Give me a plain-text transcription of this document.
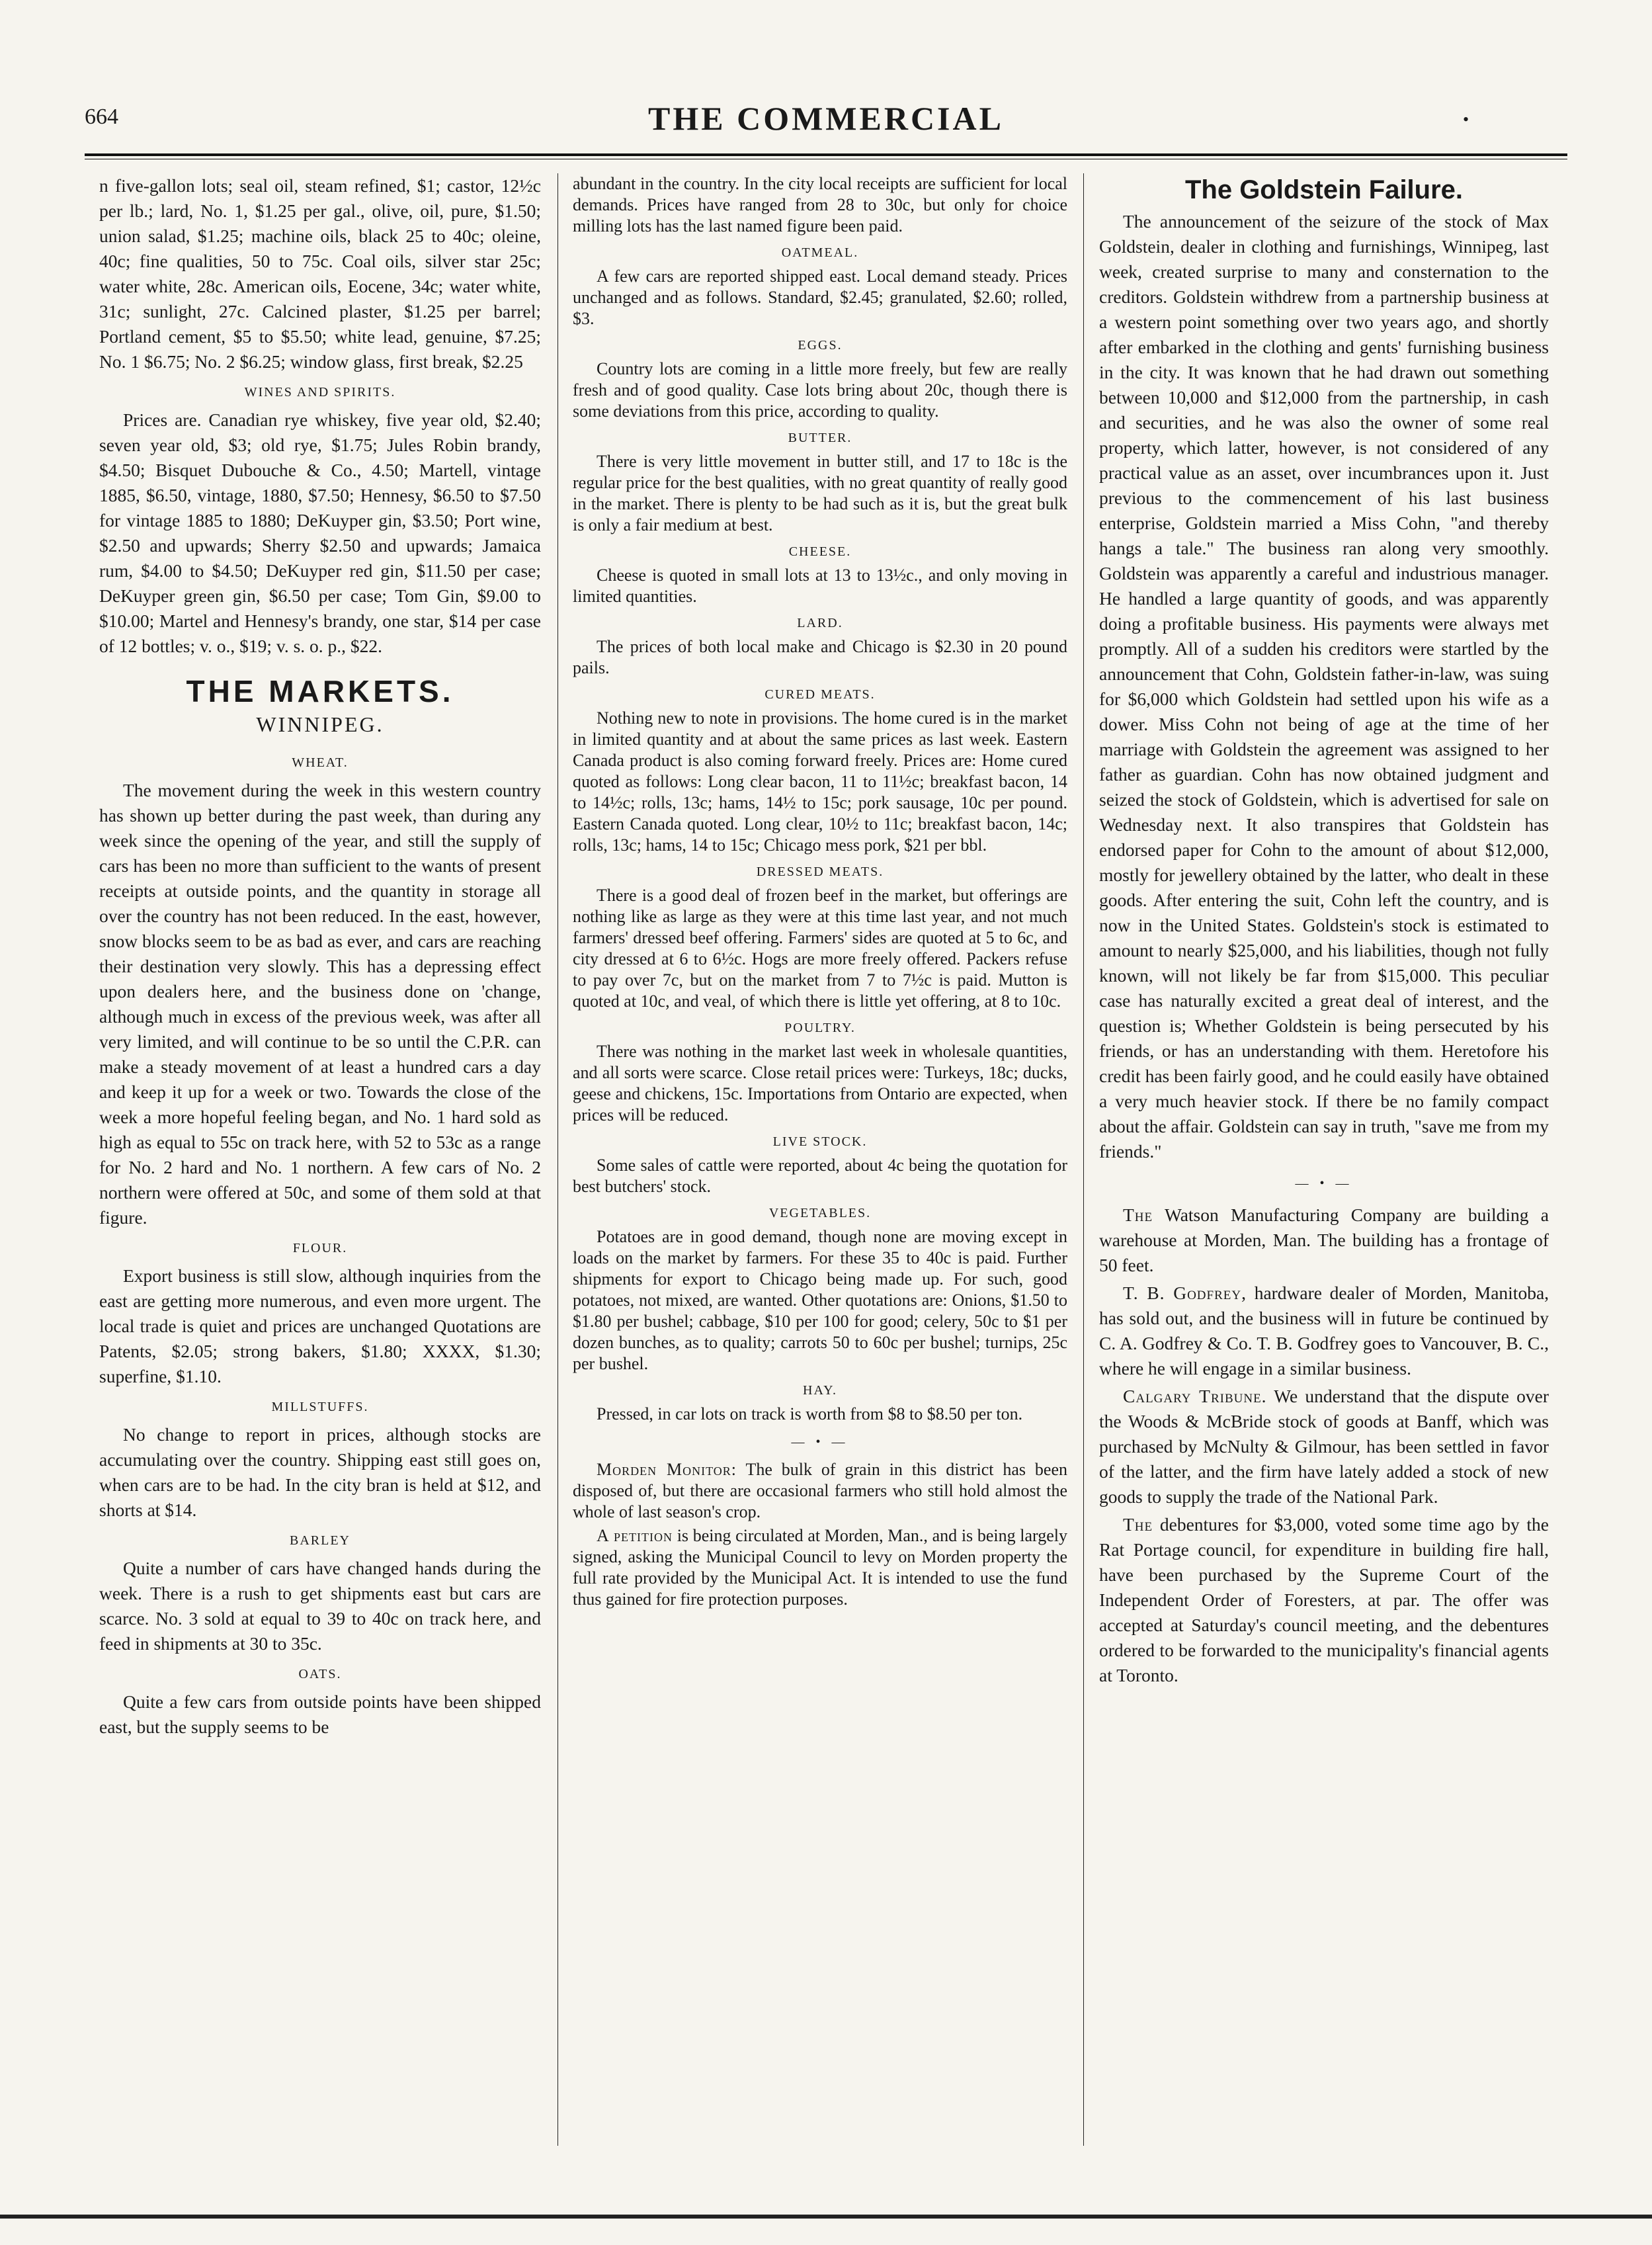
664	THE COMMERCIAL	•

n five-gallon lots; seal oil, steam refined, $1; castor, 12½c per lb.; lard, No. 1, $1.25 per gal., olive, oil, pure, $1.50; union salad, $1.25; machine oils, black 25 to 40c; oleine, 40c; fine qualities, 50 to 75c. Coal oils, silver star 25c; water white, 28c. American oils, Eocene, 34c; water white, 31c; sunlight, 27c. Calcined plaster, $1.25 per barrel; Portland cement, $5 to $5.50; white lead, genuine, $7.25; No. 1 $6.75; No. 2 $6.25; window glass, first break, $2.25

WINES AND SPIRITS.

Prices are. Canadian rye whiskey, five year old, $2.40; seven year old, $3; old rye, $1.75; Jules Robin brandy, $4.50; Bisquet Dubouche & Co., 4.50; Martell, vintage 1885, $6.50, vintage, 1880, $7.50; Hennesy, $6.50 to $7.50 for vintage 1885 to 1880; DeKuyper gin, $3.50; Port wine, $2.50 and upwards; Sherry $2.50 and upwards; Jamaica rum, $4.00 to $4.50; DeKuyper red gin, $11.50 per case; DeKuyper green gin, $6.50 per case; Tom Gin, $9.00 to $10.00; Martel and Hennesy's brandy, one star, $14 per case of 12 bottles; v. o., $19; v. s. o. p., $22.

THE MARKETS.
WINNIPEG.
WHEAT.

The movement during the week in this western country has shown up better during the past week, than during any week since the opening of the year, and still the supply of cars has been no more than sufficient to the wants of present receipts at outside points, and the quantity in storage all over the country has not been reduced. In the east, however, snow blocks seem to be as bad as ever, and cars are reaching their destination very slowly. This has a depressing effect upon dealers here, and the business done on 'change, although much in excess of the previous week, was after all very limited, and will continue to be so until the C.P.R. can make a steady movement of at least a hundred cars a day and keep it up for a week or two. Towards the close of the week a more hopeful feeling began, and No. 1 hard sold as high as equal to 55c on track here, with 52 to 53c as a range for No. 2 hard and No. 1 northern. A few cars of No. 2 northern were offered at 50c, and some of them sold at that figure.

FLOUR.

Export business is still slow, although inquiries from the east are getting more numerous, and even more urgent. The local trade is quiet and prices are unchanged Quotations are Patents, $2.05; strong bakers, $1.80; XXXX, $1.30; superfine, $1.10.

MILLSTUFFS.

No change to report in prices, although stocks are accumulating over the country. Shipping east still goes on, when cars are to be had. In the city bran is held at $12, and shorts at $14.

BARLEY

Quite a number of cars have changed hands during the week. There is a rush to get shipments east but cars are scarce. No. 3 sold at equal to 39 to 40c on track here, and feed in shipments at 30 to 35c.

OATS.

Quite a few cars from outside points have been shipped east, but the supply seems to be

abundant in the country. In the city local receipts are sufficient for local demands. Prices have ranged from 28 to 30c, but only for choice milling lots has the last named figure been paid.

OATMEAL.

A few cars are reported shipped east. Local demand steady. Prices unchanged and as follows. Standard, $2.45; granulated, $2.60; rolled, $3.

EGGS.

Country lots are coming in a little more freely, but few are really fresh and of good quality. Case lots bring about 20c, though there is some deviations from this price, according to quality.

BUTTER.

There is very little movement in butter still, and 17 to 18c is the regular price for the best qualities, with no great quantity of really good in the market. There is plenty to be had such as it is, but the great bulk is only a fair medium at best.

CHEESE.

Cheese is quoted in small lots at 13 to 13½c., and only moving in limited quantities.

LARD.

The prices of both local make and Chicago is $2.30 in 20 pound pails.

CURED MEATS.

Nothing new to note in provisions. The home cured is in the market in limited quantity and at about the same prices as last week. Eastern Canada product is also coming forward freely. Prices are: Home cured quoted as follows: Long clear bacon, 11 to 11½c; breakfast bacon, 14 to 14½c; rolls, 13c; hams, 14½ to 15c; pork sausage, 10c per pound. Eastern Canada quoted. Long clear, 10½ to 11c; breakfast bacon, 14c; rolls, 13c; hams, 14 to 15c; Chicago mess pork, $21 per bbl.

DRESSED MEATS.

There is a good deal of frozen beef in the market, but offerings are nothing like as large as they were at this time last year, and not much farmers' dressed beef offering. Farmers' sides are quoted at 5 to 6c, and city dressed at 6 to 6½c. Hogs are more freely offered. Packers refuse to pay over 7c, but on the market from 7 to 7½c is paid. Mutton is quoted at 10c, and veal, of which there is little yet offering, at 8 to 10c.

POULTRY.

There was nothing in the market last week in wholesale quantities, and all sorts were scarce. Close retail prices were: Turkeys, 18c; ducks, geese and chickens, 15c. Importations from Ontario are expected, when prices will be reduced.

LIVE STOCK.

Some sales of cattle were reported, about 4c being the quotation for best butchers' stock.

VEGETABLES.

Potatoes are in good demand, though none are moving except in loads on the market by farmers. For these 35 to 40c is paid. Further shipments for export to Chicago being made up. For such, good potatoes, not mixed, are wanted. Other quotations are: Onions, $1.50 to $1.80 per bushel; cabbage, $10 per 100 for good; celery, 50c to $1 per dozen bunches, as to quality; carrots 50 to 60c per bushel; turnips, 25c per bushel.

HAY.

Pressed, in car lots on track is worth from $8 to $8.50 per ton.

— • —

Morden Monitor: The bulk of grain in this district has been disposed of, but there are occasional farmers who still hold almost the whole of last season's crop.

A petition is being circulated at Morden, Man., and is being largely signed, asking the Municipal Council to levy on Morden property the full rate provided by the Municipal Act. It is intended to use the fund thus gained for fire protection purposes.

The Goldstein Failure.

The announcement of the seizure of the stock of Max Goldstein, dealer in clothing and furnishings, Winnipeg, last week, created surprise to many and consternation to the creditors. Goldstein withdrew from a partnership business at a western point something over two years ago, and shortly after embarked in the clothing and gents' furnishing business in the city. It was known that he had drawn out something between 10,000 and $12,000 from the partnership, in cash and securities, and he was also the owner of some real property, which latter, however, is not considered of any practical value as an asset, over incumbrances upon it. Just previous to the commencement of his last business enterprise, Goldstein married a Miss Cohn, "and thereby hangs a tale." The business ran along very smoothly. Goldstein was apparently a careful and industrious manager. He handled a large quantity of goods, and was apparently doing a profitable business. His payments were always met promptly. All of a sudden his creditors were startled by the announcement that Cohn, Goldstein father-in-law, was suing for $6,000 which Goldstein had settled upon his wife as a dower. Miss Cohn not being of age at the time of her marriage with Goldstein the agreement was assigned to her father as guardian. Cohn has now obtained judgment and seized the stock of Goldstein, which is advertised for sale on Wednesday next. It also transpires that Goldstein has endorsed paper for Cohn to the amount of about $12,000, mostly for jewellery obtained by the latter, who dealt in these goods. After entering the suit, Cohn left the country, and is now in the United States. Goldstein's stock is estimated to amount to nearly $25,000, and his liabilities, though not fully known, will not likely be far from $15,000. This peculiar case has naturally excited a great deal of interest, and the question is; Whether Goldstein is being persecuted by his friends, or has an understanding with them. Heretofore his credit has been fairly good, and he could easily have obtained a very much heavier stock. If there be no family compact about the affair. Goldstein can say in truth, "save me from my friends."

— • —

The Watson Manufacturing Company are building a warehouse at Morden, Man. The building has a frontage of 50 feet.

T. B. Godfrey, hardware dealer of Morden, Manitoba, has sold out, and the business will in future be continued by C. A. Godfrey & Co. T. B. Godfrey goes to Vancouver, B. C., where he will engage in a similar business.

Calgary Tribune. We understand that the dispute over the Woods & McBride stock of goods at Banff, which was purchased by McNulty & Gilmour, has been settled in favor of the latter, and the firm have lately added a stock of new goods to supply the trade of the National Park.

The debentures for $3,000, voted some time ago by the Rat Portage council, for expenditure in building fire hall, have been purchased by the Supreme Court of the Independent Order of Foresters, at par. The offer was accepted at Saturday's council meeting, and the debentures ordered to be forwarded to the municipality's financial agents at Toronto.
